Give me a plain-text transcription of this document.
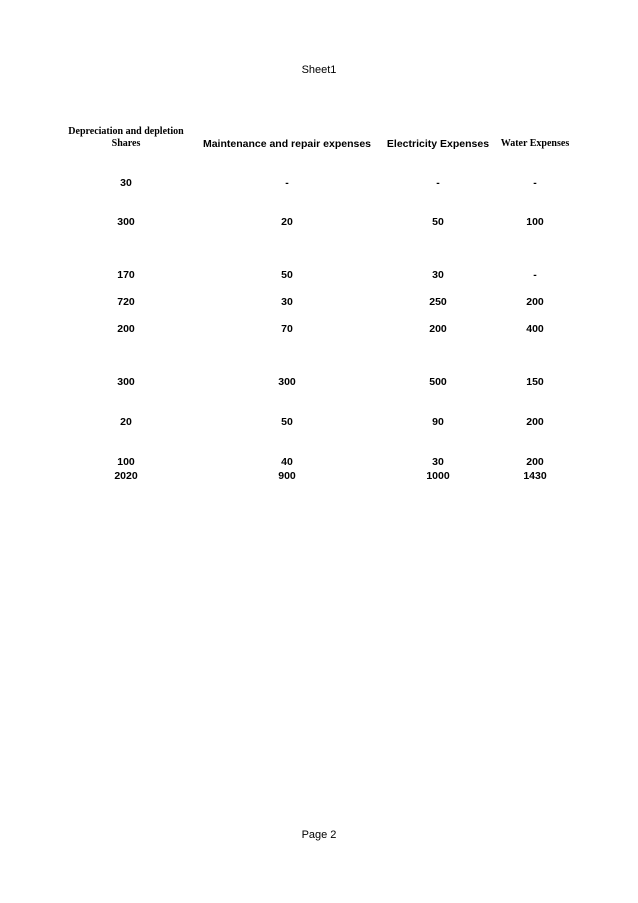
Sheet1
Depreciation and depletion
Shares	Maintenance and repair expenses	Electricity Expenses	Water Expenses
30	-	-	-
300	20	50	100
170	50	30	-
720	30	250	200
200	70	200	400
300	300	500	150
20	50	90	200
100	40	30	200
2020	900	1000	1430
Page 2
